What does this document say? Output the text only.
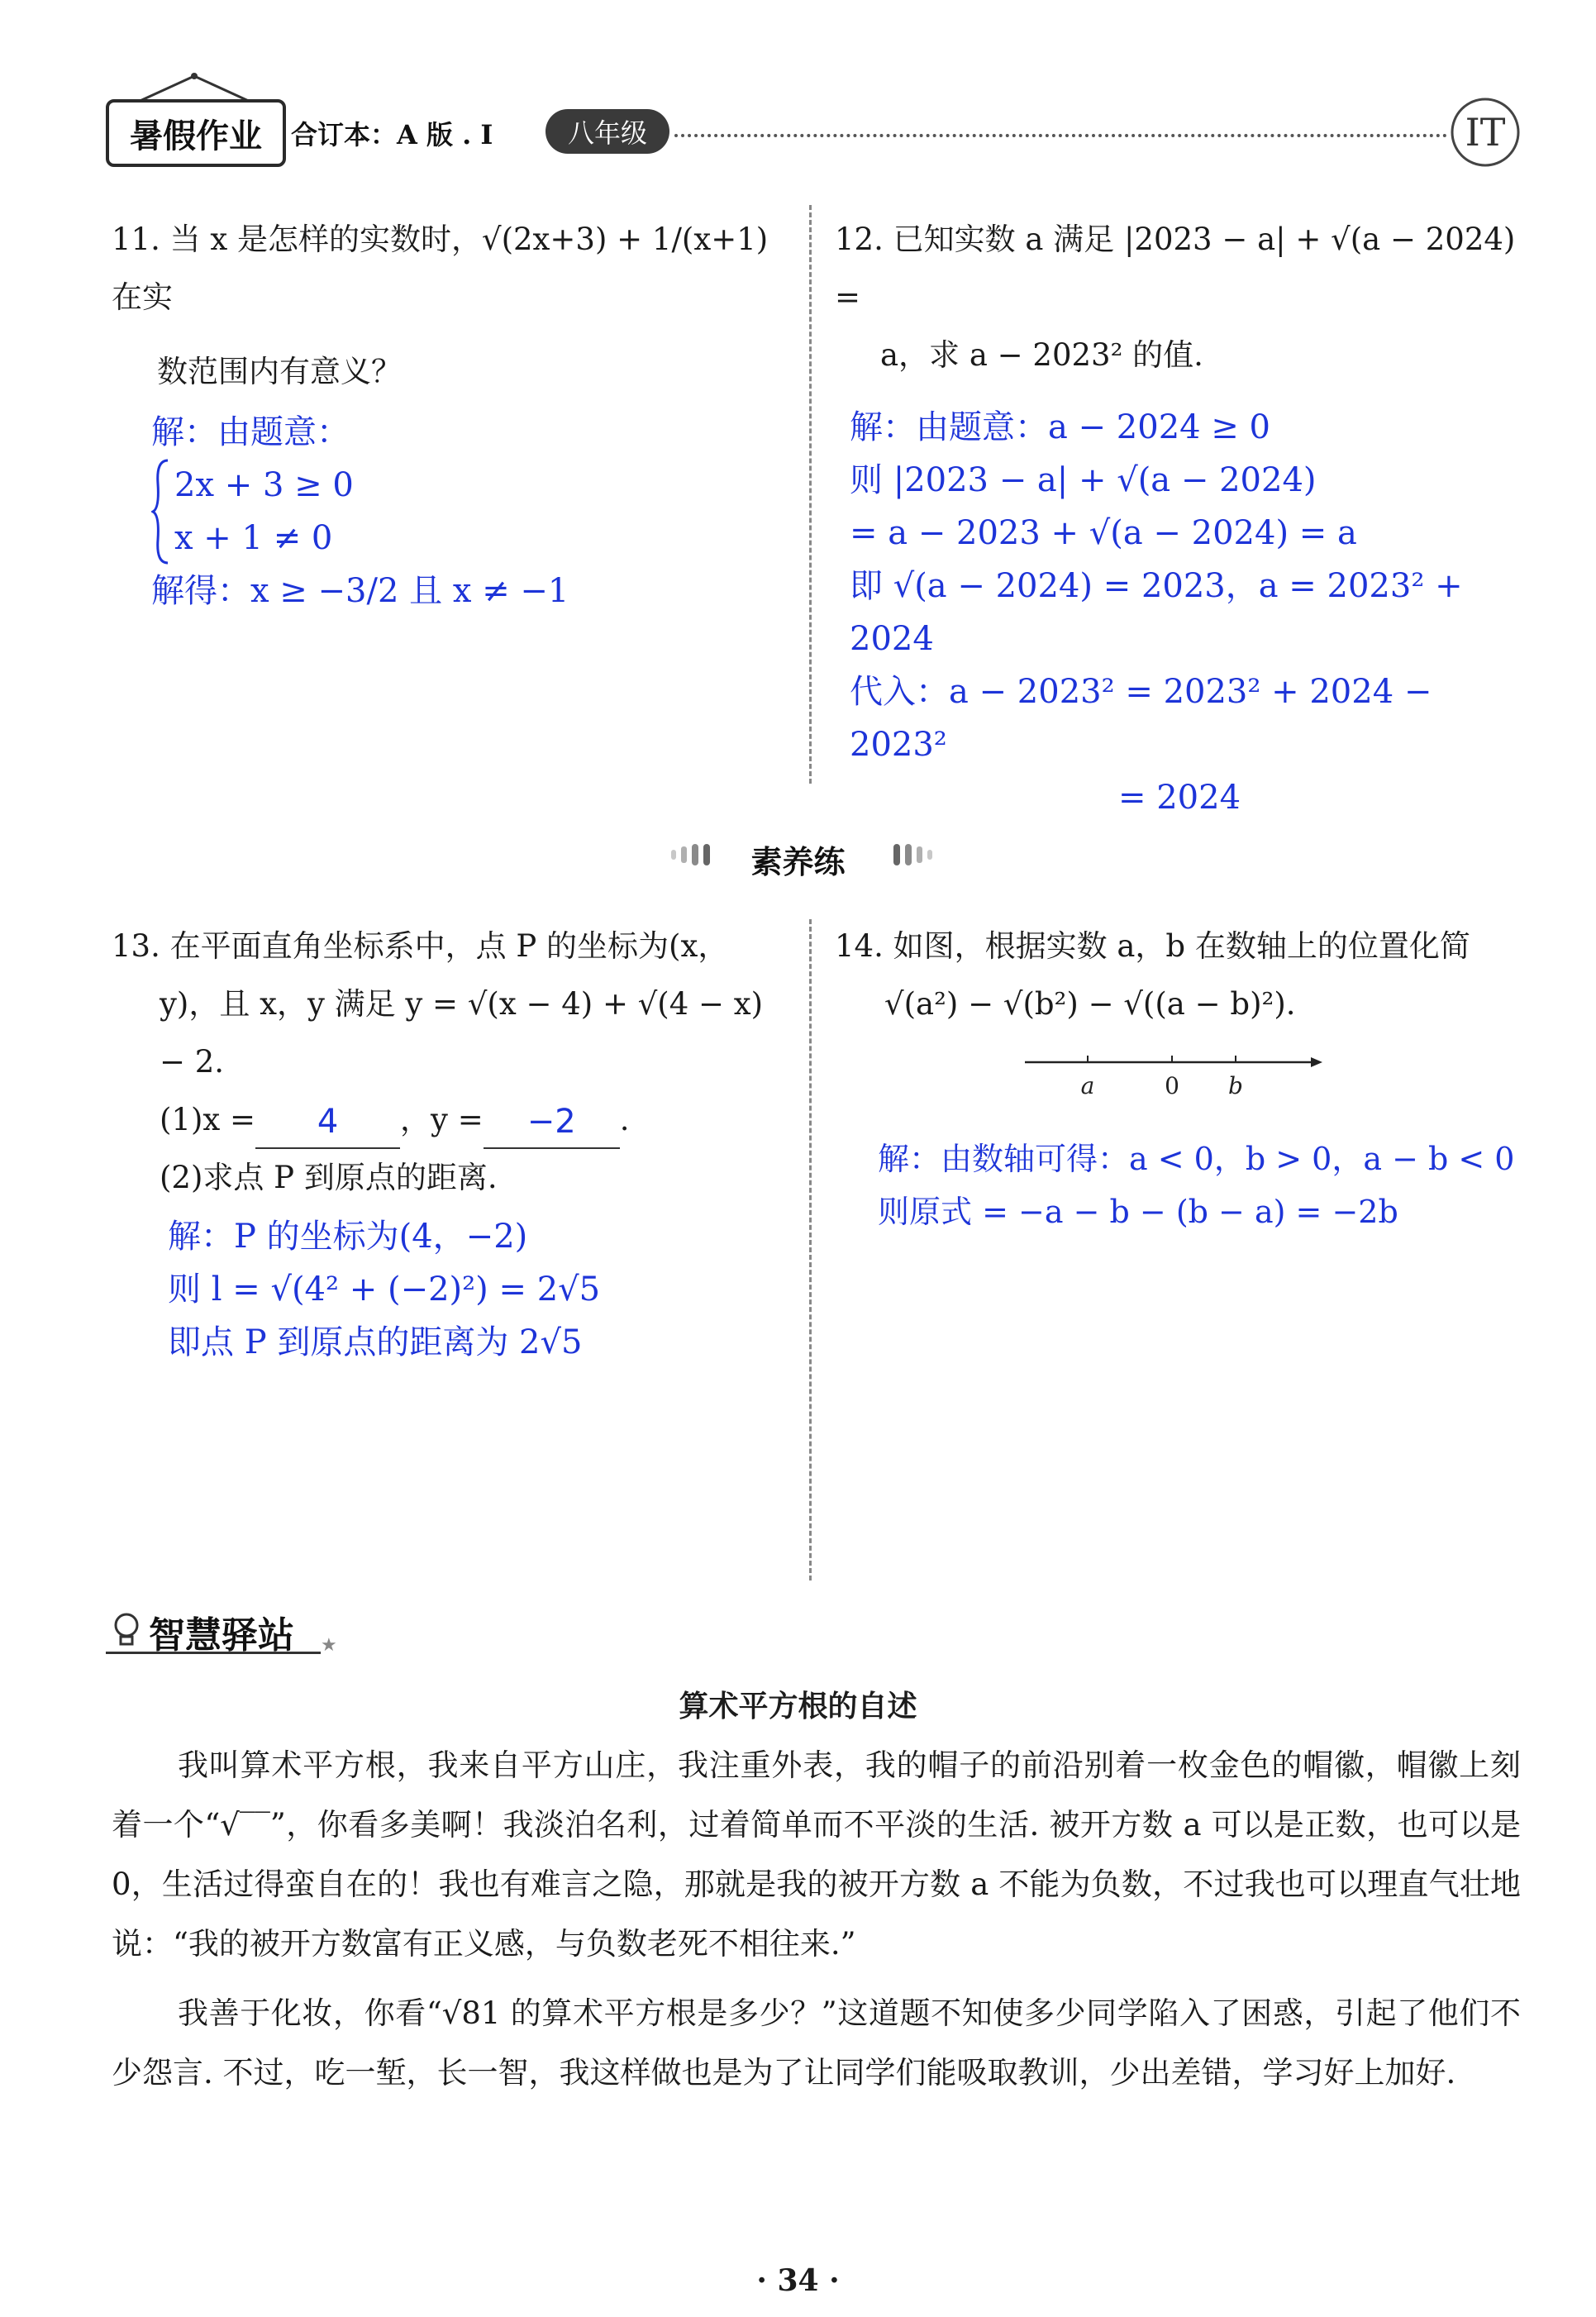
暑假作业	合订本：A 版 . I	八年级	IT
11. 当 x 是怎样的实数时，√(2x+3) + 1/(x+1) 在实
数范围内有意义？
解：由题意：
2x + 3 ≥ 0
x + 1 ≠ 0
解得：x ≥ −3/2 且 x ≠ −1
12. 已知实数 a 满足 |2023 − a| + √(a − 2024) =
a，求 a − 2023² 的值.
解：由题意：a − 2024 ≥ 0
则 |2023 − a| + √(a − 2024)
= a − 2023 + √(a − 2024) = a
即 √(a − 2024) = 2023，a = 2023² + 2024
代入：a − 2023² = 2023² + 2024 − 2023²
= 2024
素养练
13. 在平面直角坐标系中，点 P 的坐标为(x，
y)，且 x，y 满足 y = √(x − 4) + √(4 − x) − 2.
(1)x =	4	，y =	−2	.
(2)求点 P 到原点的距离.
解：P 的坐标为(4，−2)
则 l = √(4² + (−2)²) = 2√5
即点 P 到原点的距离为 2√5
14. 如图，根据实数 a，b 在数轴上的位置化简
√(a²) − √(b²) − √((a − b)²).
a	0 b
解：由数轴可得：a < 0，b > 0，a − b < 0
则原式 = −a − b − (b − a) = −2b
智慧驿站 ★
算术平方根的自述
我叫算术平方根，我来自平方山庄，我注重外表，我的帽子的前沿别着一枚金色的帽徽，帽徽上刻着一个“√‾‾”，你看多美啊！我淡泊名利，过着简单而不平淡的生活. 被开方数 a 可以是正数，也可以是 0，生活过得蛮自在的！我也有难言之隐，那就是我的被开方数 a 不能为负数，不过我也可以理直气壮地说：“我的被开方数富有正义感，与负数老死不相往来.”
我善于化妆，你看“√81 的算术平方根是多少？”这道题不知使多少同学陷入了困惑，引起了他们不少怨言. 不过，吃一堑，长一智，我这样做也是为了让同学们能吸取教训，少出差错，学习好上加好.
· 34 ·
